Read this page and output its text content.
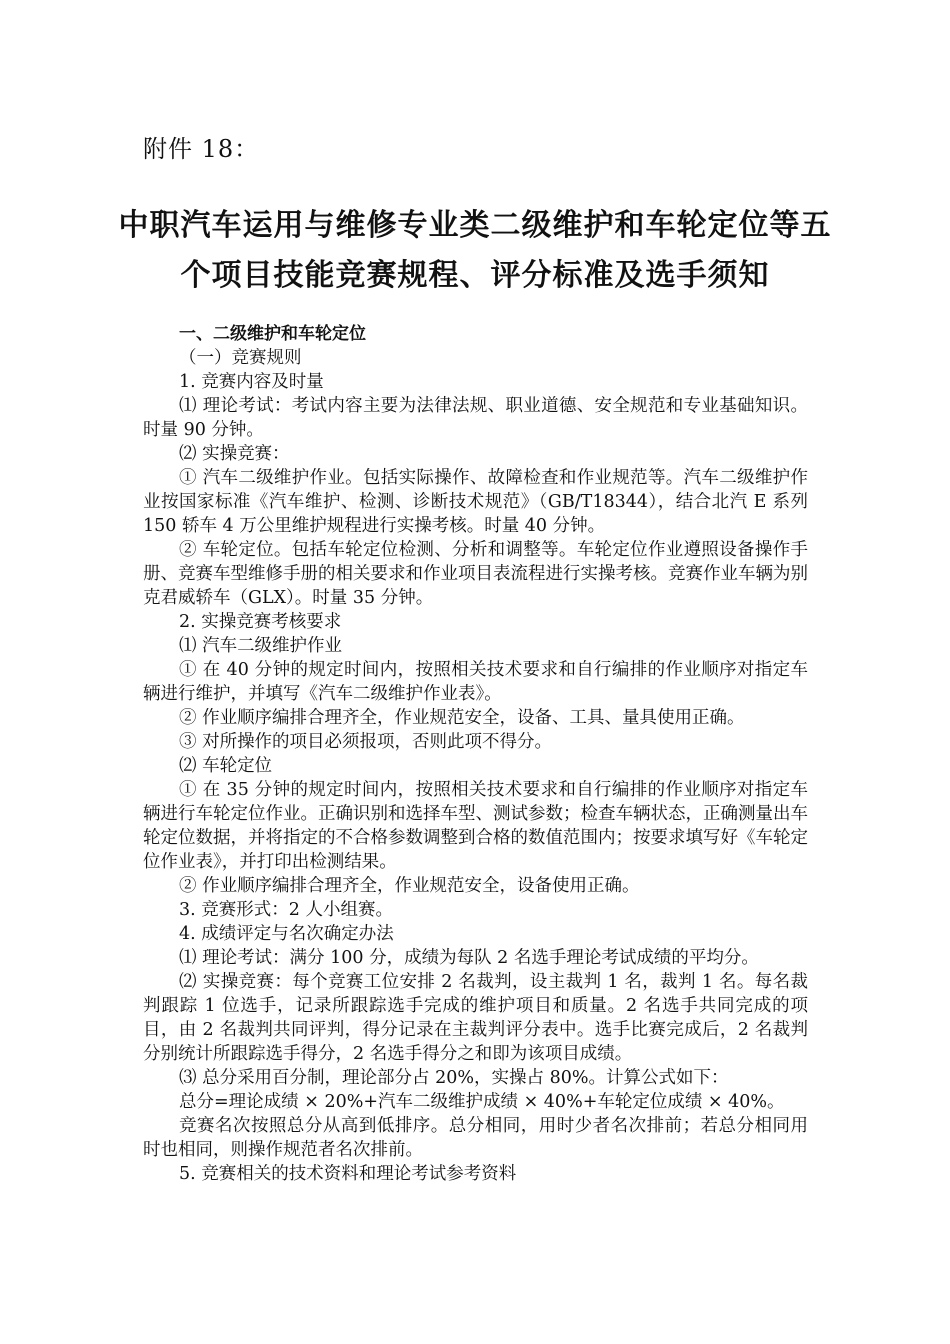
附件 18：
中职汽车运用与维修专业类二级维护和车轮定位等五
个项目技能竞赛规程、评分标准及选手须知

一、二级维护和车轮定位

（一）竞赛规则

1. 竞赛内容及时量

⑴ 理论考试：考试内容主要为法律法规、职业道德、安全规范和专业基础知识。时量 90 分钟。

⑵ 实操竞赛：

① 汽车二级维护作业。包括实际操作、故障检查和作业规范等。汽车二级维护作业按国家标准《汽车维护、检测、诊断技术规范》（GB/T18344），结合北汽 E 系列 150 轿车 4 万公里维护规程进行实操考核。时量 40 分钟。

② 车轮定位。包括车轮定位检测、分析和调整等。车轮定位作业遵照设备操作手册、竞赛车型维修手册的相关要求和作业项目表流程进行实操考核。竞赛作业车辆为别克君威轿车（GLX）。时量 35 分钟。

2. 实操竞赛考核要求

⑴ 汽车二级维护作业

① 在 40 分钟的规定时间内，按照相关技术要求和自行编排的作业顺序对指定车辆进行维护，并填写《汽车二级维护作业表》。

② 作业顺序编排合理齐全，作业规范安全，设备、工具、量具使用正确。

③ 对所操作的项目必须报项，否则此项不得分。

⑵ 车轮定位

① 在 35 分钟的规定时间内，按照相关技术要求和自行编排的作业顺序对指定车辆进行车轮定位作业。正确识别和选择车型、测试参数；检查车辆状态，正确测量出车轮定位数据，并将指定的不合格参数调整到合格的数值范围内；按要求填写好《车轮定位作业表》，并打印出检测结果。

② 作业顺序编排合理齐全，作业规范安全，设备使用正确。

3. 竞赛形式：2 人小组赛。

4. 成绩评定与名次确定办法

⑴ 理论考试：满分 100 分，成绩为每队 2 名选手理论考试成绩的平均分。

⑵ 实操竞赛：每个竞赛工位安排 2 名裁判，设主裁判 1 名，裁判 1 名。每名裁判跟踪 1 位选手，记录所跟踪选手完成的维护项目和质量。2 名选手共同完成的项目，由 2 名裁判共同评判，得分记录在主裁判评分表中。选手比赛完成后，2 名裁判分别统计所跟踪选手得分，2 名选手得分之和即为该项目成绩。

⑶ 总分采用百分制，理论部分占 20%，实操占 80%。计算公式如下：

总分=理论成绩 × 20%+汽车二级维护成绩 × 40%+车轮定位成绩 × 40%。

竞赛名次按照总分从高到低排序。总分相同，用时少者名次排前；若总分相同用时也相同，则操作规范者名次排前。

5. 竞赛相关的技术资料和理论考试参考资料
